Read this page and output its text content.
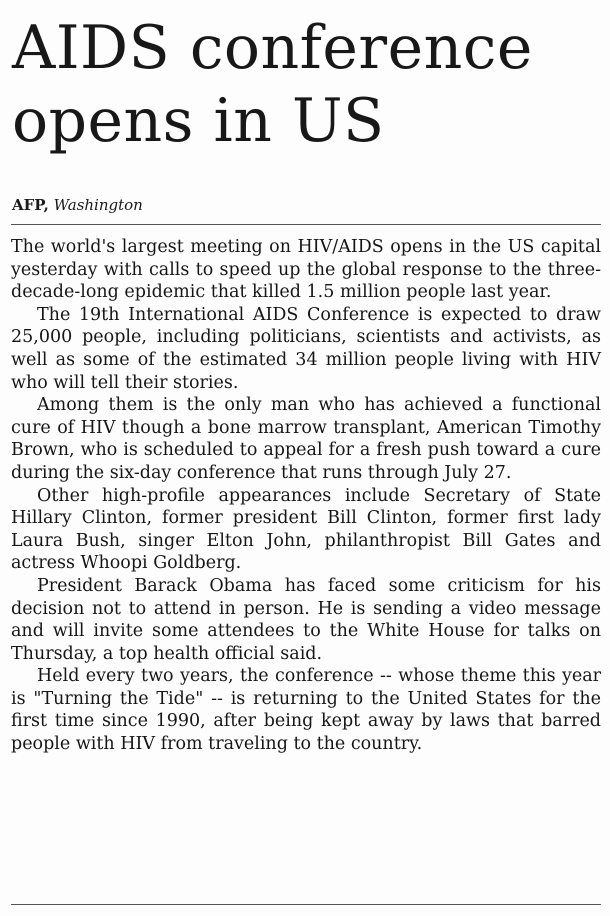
AIDS conference opens in US
AFP, Washington

The world's largest meeting on HIV/AIDS opens in the US capital yesterday with calls to speed up the global response to the three-decade-long epidemic that killed 1.5 million people last year.

The 19th International AIDS Conference is expected to draw 25,000 people, including politicians, scientists and activists, as well as some of the estimated 34 million people living with HIV who will tell their stories.

Among them is the only man who has achieved a functional cure of HIV though a bone marrow transplant, American Timothy Brown, who is scheduled to appeal for a fresh push toward a cure during the six-day conference that runs through July 27.

Other high-profile appearances include Secretary of State Hillary Clinton, former president Bill Clinton, former first lady Laura Bush, singer Elton John, philanthropist Bill Gates and actress Whoopi Goldberg.

President Barack Obama has faced some criticism for his decision not to attend in person. He is sending a video message and will invite some attendees to the White House for talks on Thursday, a top health official said.

Held every two years, the conference -- whose theme this year is "Turning the Tide" -- is returning to the United States for the first time since 1990, after being kept away by laws that barred people with HIV from traveling to the country.
